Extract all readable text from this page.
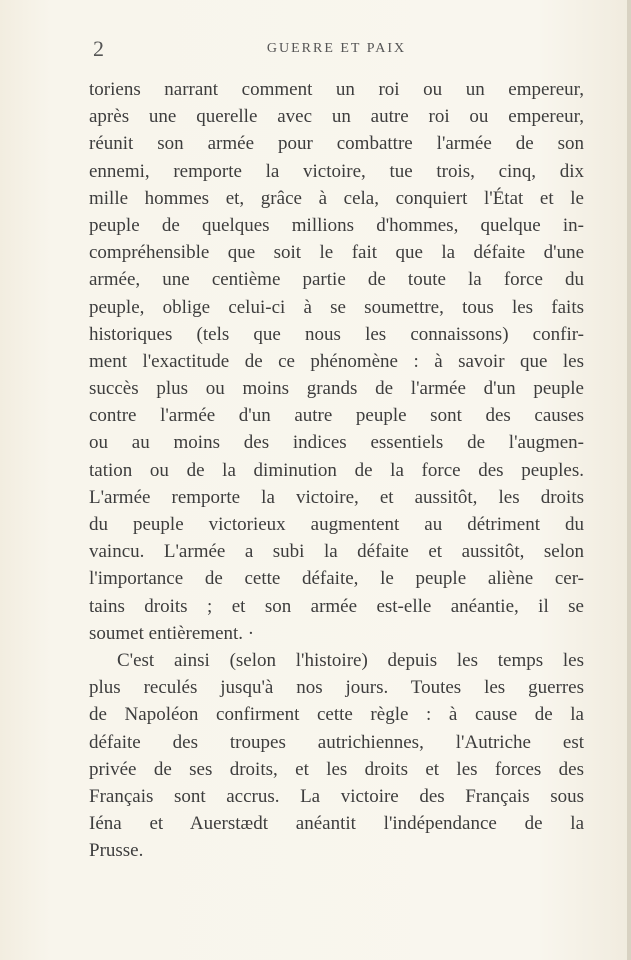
2	GUERRE ET PAIX
toriens narrant comment un roi ou un empereur,
après une querelle avec un autre roi ou empereur,
réunit son armée pour combattre l'armée de son
ennemi, remporte la victoire, tue trois, cinq, dix
mille hommes et, grâce à cela, conquiert l'État et le
peuple de quelques millions d'hommes, quelque in-
compréhensible que soit le fait que la défaite d'une
armée, une centième partie de toute la force du
peuple, oblige celui-ci à se soumettre, tous les faits
historiques (tels que nous les connaissons) confir-
ment l'exactitude de ce phénomène : à savoir que les
succès plus ou moins grands de l'armée d'un peuple
contre l'armée d'un autre peuple sont des causes
ou au moins des indices essentiels de l'augmen-
tation ou de la diminution de la force des peuples.
L'armée remporte la victoire, et aussitôt, les droits
du peuple victorieux augmentent au détriment du
vaincu. L'armée a subi la défaite et aussitôt, selon
l'importance de cette défaite, le peuple aliène cer-
tains droits ; et son armée est-elle anéantie, il se
soumet entièrement. ·
C'est ainsi (selon l'histoire) depuis les temps les
plus reculés jusqu'à nos jours. Toutes les guerres
de Napoléon confirment cette règle : à cause de la
défaite des troupes autrichiennes, l'Autriche est
privée de ses droits, et les droits et les forces des
Français sont accrus. La victoire des Français sous
Iéna et Auerstædt anéantit l'indépendance de la
Prusse.
